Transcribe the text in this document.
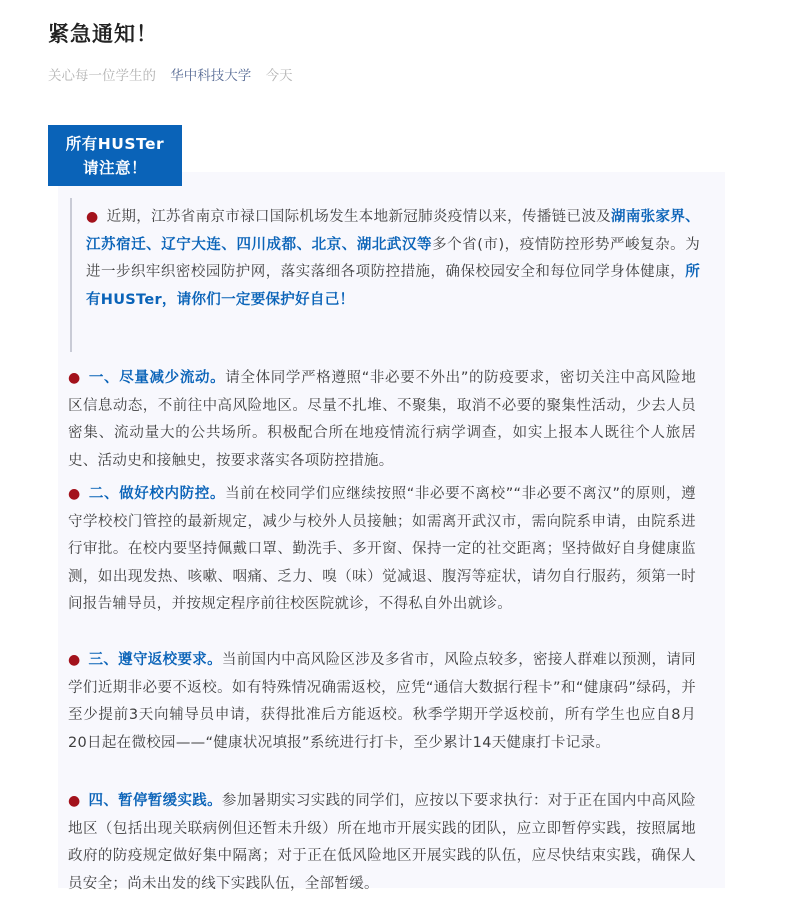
紧急通知！
关心每一位学生的 华中科技大学 今天
所有HUSTer
请注意！

● 近期，江苏省南京市禄口国际机场发生本地新冠肺炎疫情以来，传播链已波及湖南张家界、江苏宿迁、辽宁大连、四川成都、北京、湖北武汉等多个省(市)，疫情防控形势严峻复杂。为进一步织牢织密校园防护网，落实落细各项防控措施，确保校园安全和每位同学身体健康，所有HUSTer，请你们一定要保护好自己！

● 一、尽量减少流动。请全体同学严格遵照“非必要不外出”的防疫要求，密切关注中高风险地区信息动态，不前往中高风险地区。尽量不扎堆、不聚集，取消不必要的聚集性活动，少去人员密集、流动量大的公共场所。积极配合所在地疫情流行病学调查，如实上报本人既往个人旅居史、活动史和接触史，按要求落实各项防控措施。

● 二、做好校内防控。当前在校同学们应继续按照“非必要不离校”“非必要不离汉”的原则，遵守学校校门管控的最新规定，减少与校外人员接触；如需离开武汉市，需向院系申请，由院系进行审批。在校内要坚持佩戴口罩、勤洗手、多开窗、保持一定的社交距离；坚持做好自身健康监测，如出现发热、咳嗽、咽痛、乏力、嗅（味）觉减退、腹泻等症状，请勿自行服药，须第一时间报告辅导员，并按规定程序前往校医院就诊，不得私自外出就诊。

● 三、遵守返校要求。当前国内中高风险区涉及多省市，风险点较多，密接人群难以预测，请同学们近期非必要不返校。如有特殊情况确需返校，应凭“通信大数据行程卡”和“健康码”绿码，并至少提前3天向辅导员申请，获得批准后方能返校。秋季学期开学返校前，所有学生也应自8月20日起在微校园——“健康状况填报”系统进行打卡，至少累计14天健康打卡记录。

● 四、暂停暂缓实践。参加暑期实习实践的同学们，应按以下要求执行：对于正在国内中高风险地区（包括出现关联病例但还暂未升级）所在地市开展实践的团队，应立即暂停实践，按照属地政府的防疫规定做好集中隔离；对于正在低风险地区开展实践的队伍，应尽快结束实践，确保人员安全；尚未出发的线下实践队伍，全部暂缓。
